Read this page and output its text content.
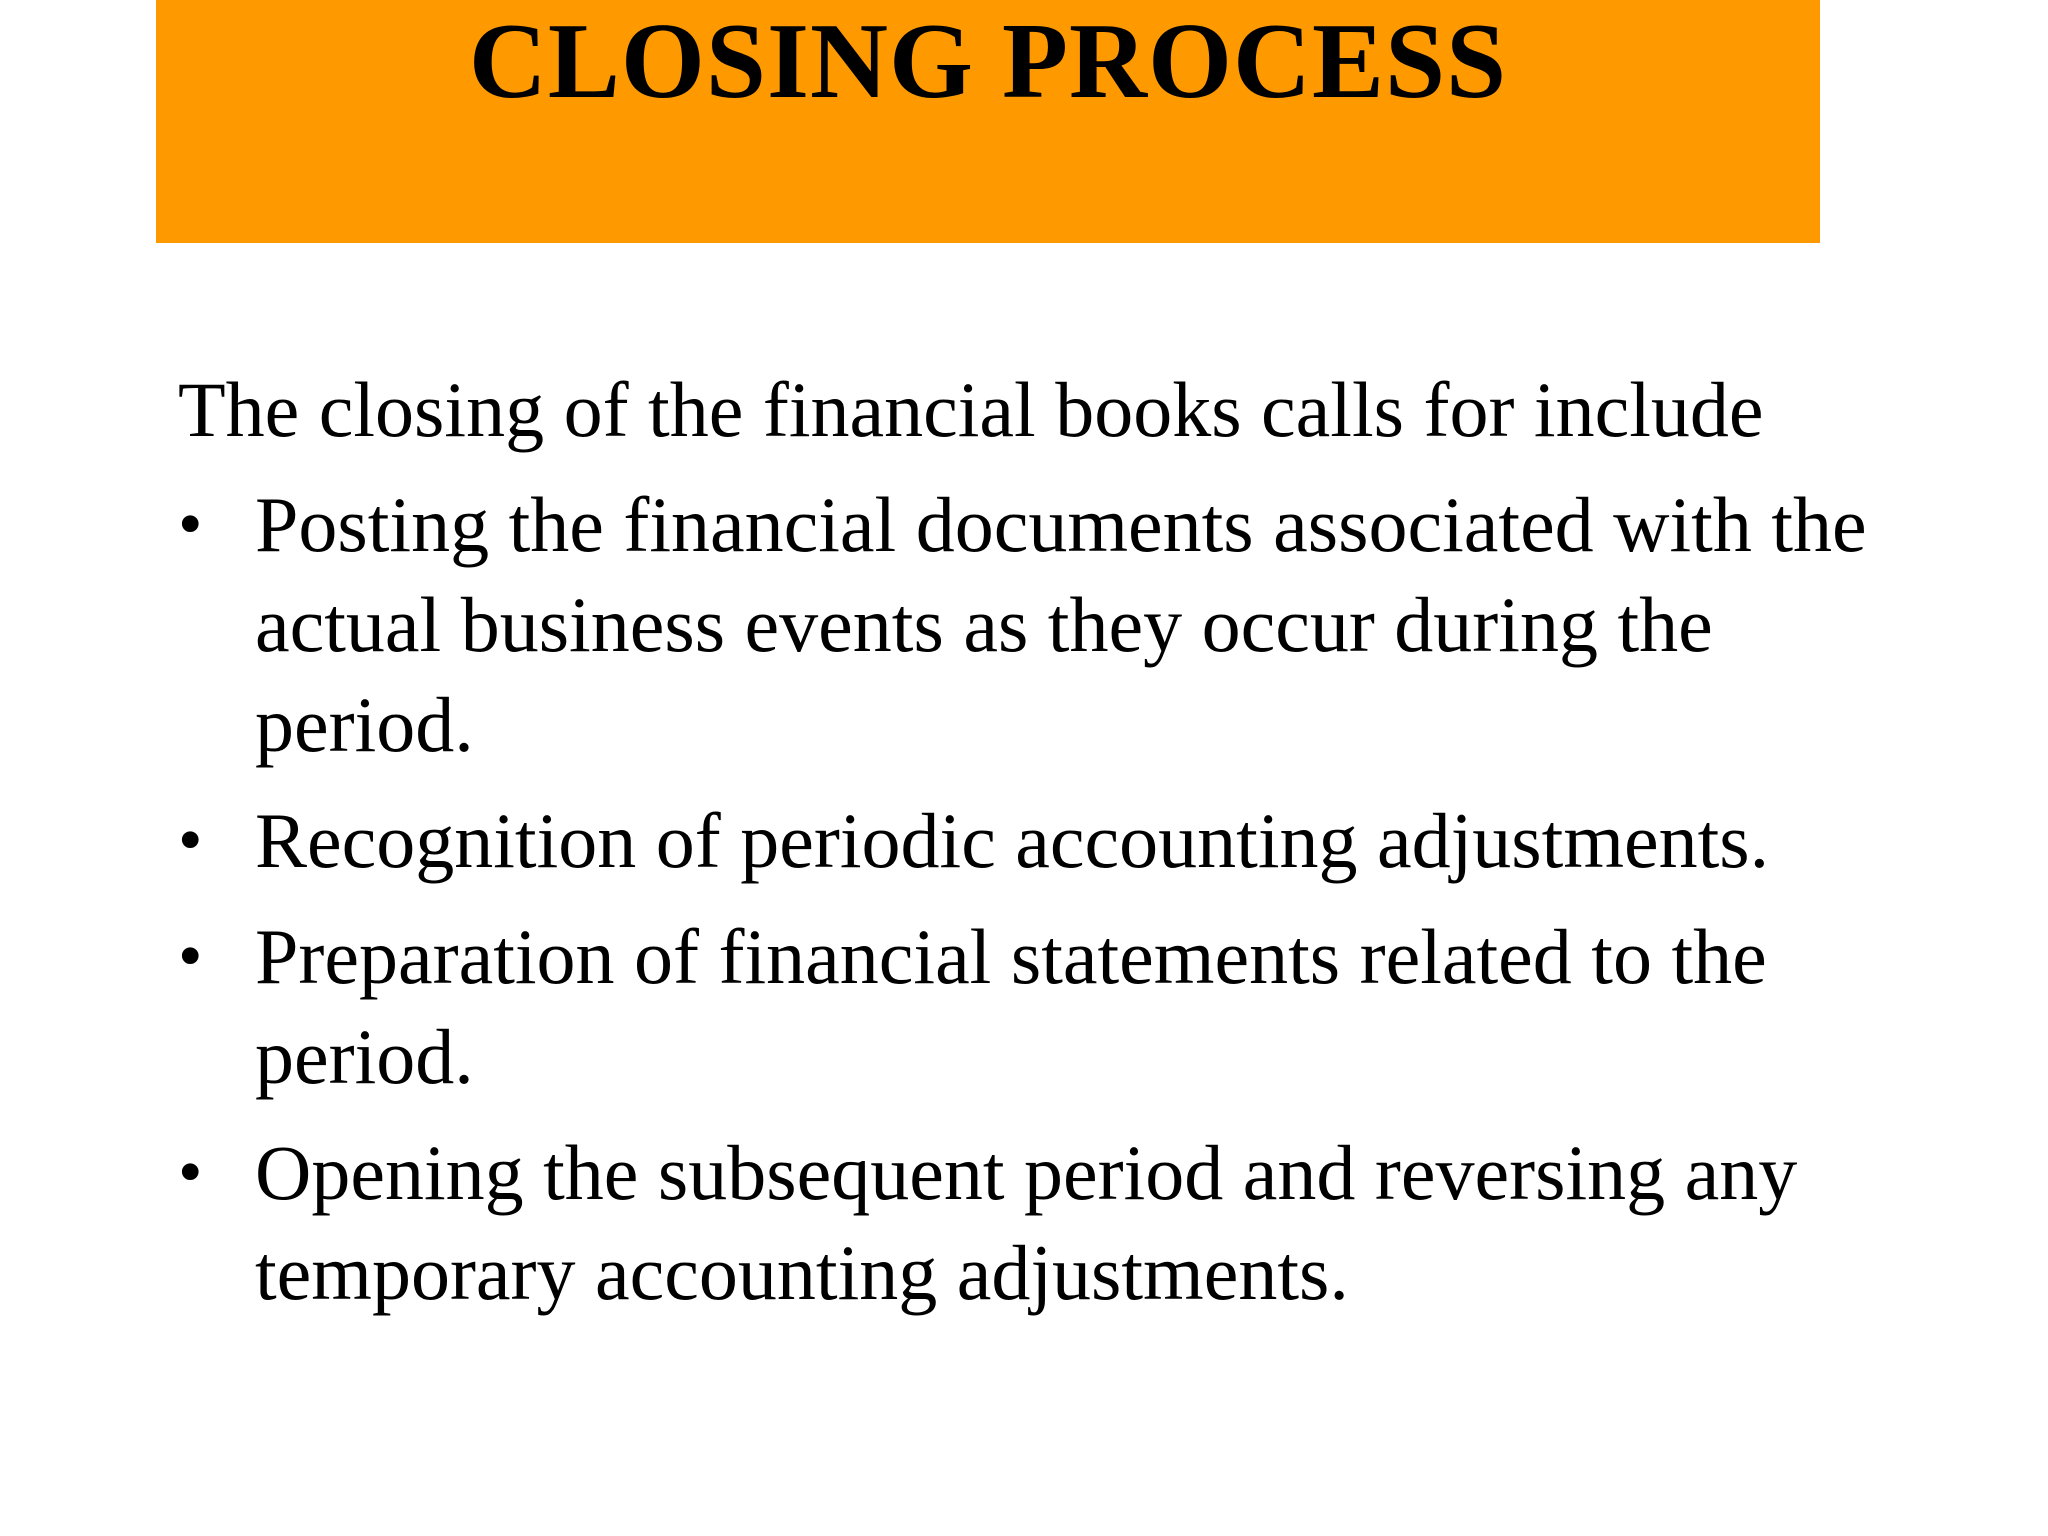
CLOSING PROCESS

The closing of the financial books calls for include

• Posting the financial documents associated with the actual business events as they occur during the period.
• Recognition of periodic accounting adjustments.
• Preparation of financial statements related to the period.
• Opening the subsequent period and reversing any temporary accounting adjustments.
